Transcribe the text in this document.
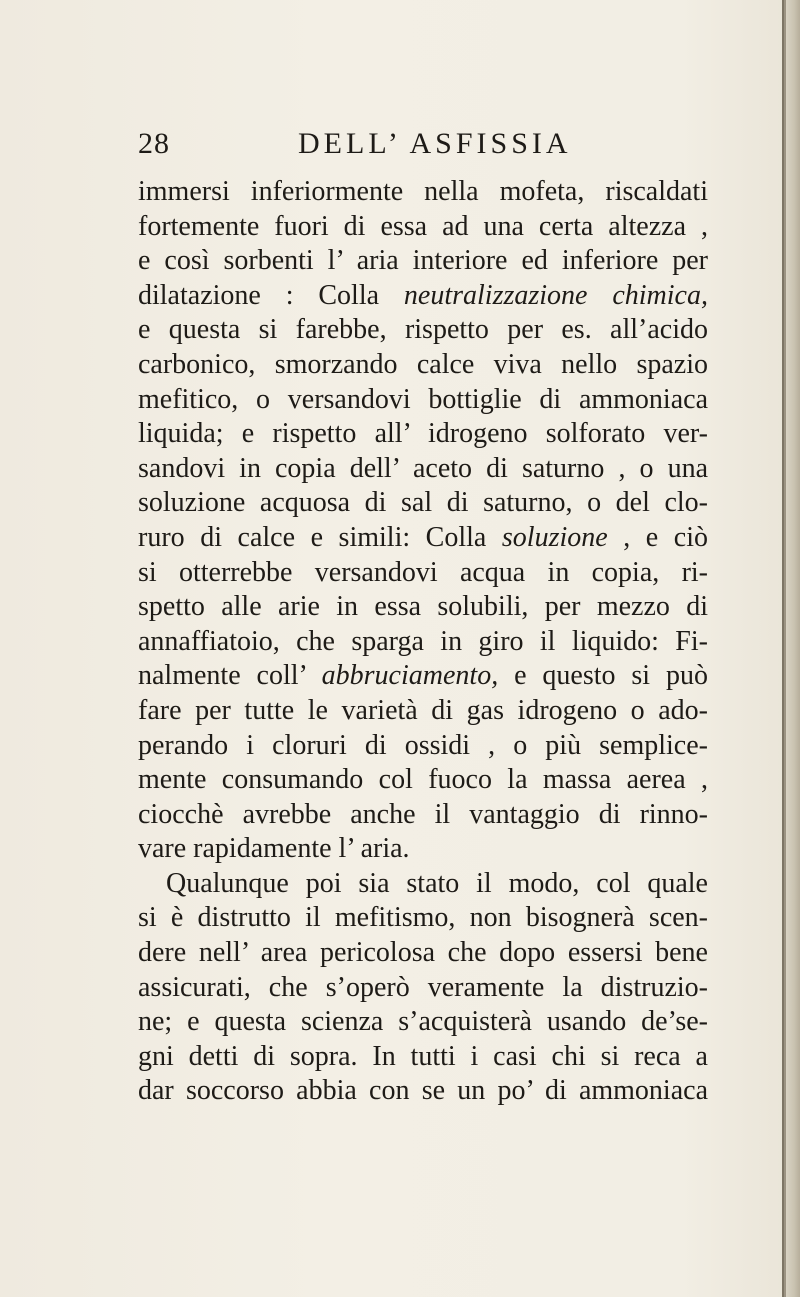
28	DELL’ ASFISSIA
immersi inferiormente nella mofeta, riscaldati
fortemente fuori di essa ad una certa altezza ,
e così sorbenti l’ aria interiore ed inferiore per
dilatazione : Colla neutralizzazione chimica,
e questa si farebbe, rispetto per es. all’acido
carbonico, smorzando calce viva nello spazio
mefitico, o versandovi bottiglie di ammoniaca
liquida; e rispetto all’ idrogeno solforato ver-
sandovi in copia dell’ aceto di saturno , o una
soluzione acquosa di sal di saturno, o del clo-
ruro di calce e simili: Colla soluzione , e ciò
si otterrebbe versandovi acqua in copia, ri-
spetto alle arie in essa solubili, per mezzo di
annaffiatoio, che sparga in giro il liquido: Fi-
nalmente coll’ abbruciamento, e questo si può
fare per tutte le varietà di gas idrogeno o ado-
perando i cloruri di ossidi , o più semplice-
mente consumando col fuoco la massa aerea ,
ciocchè avrebbe anche il vantaggio di rinno-
vare rapidamente l’ aria.
Qualunque poi sia stato il modo, col quale
si è distrutto il mefitismo, non bisognerà scen-
dere nell’ area pericolosa che dopo essersi bene
assicurati, che s’operò veramente la distruzio-
ne; e questa scienza s’acquisterà usando de’se-
gni detti di sopra. In tutti i casi chi si reca a
dar soccorso abbia con se un po’ di ammoniaca
